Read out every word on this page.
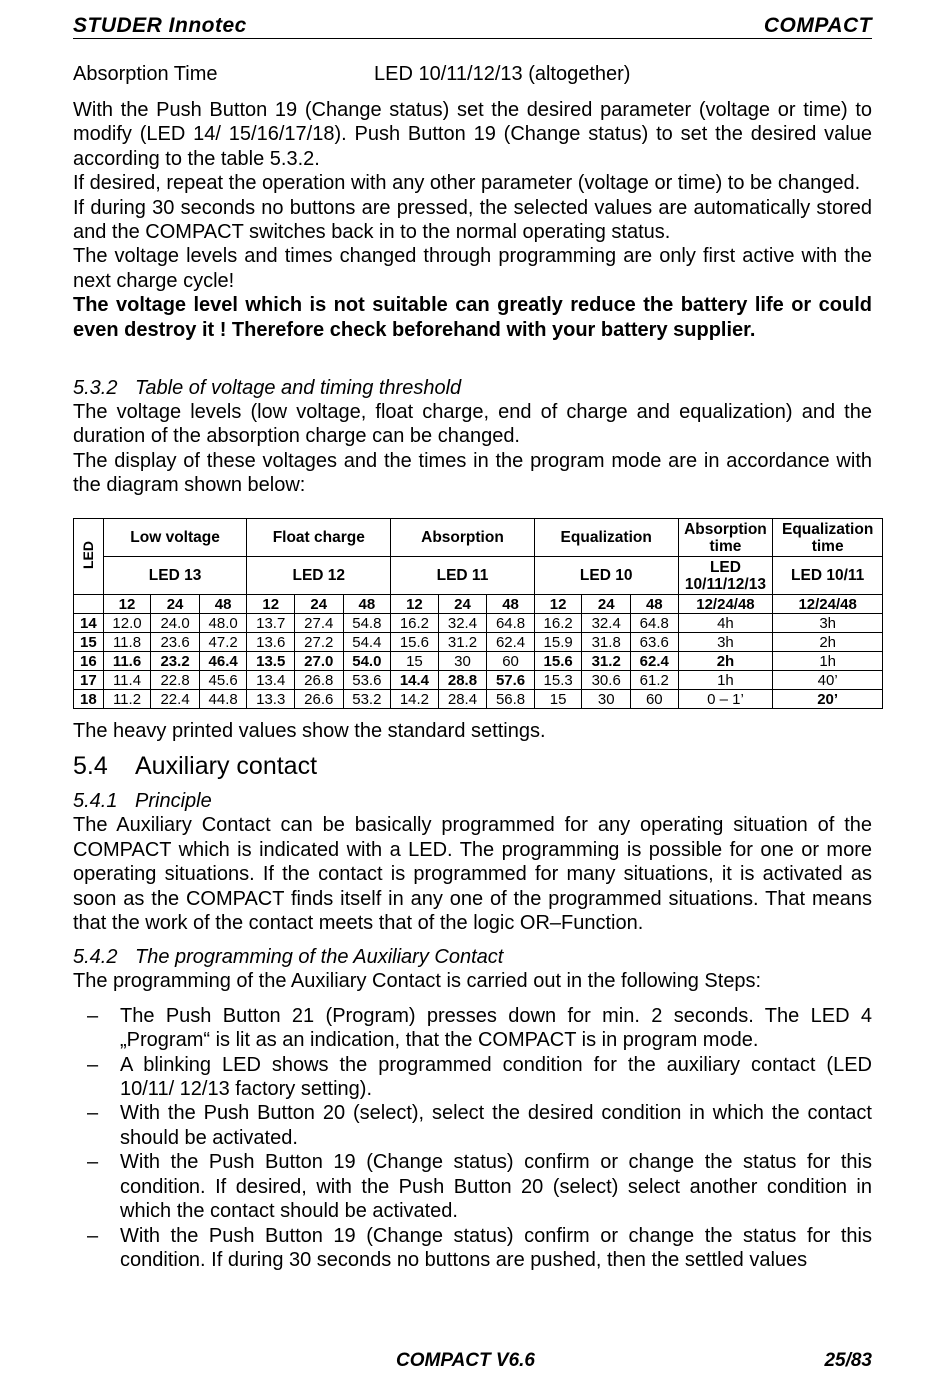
STUDER Innotec	COMPACT
Absorption Time	LED 10/11/12/13 (altogether)

With the Push Button 19 (Change status) set the desired parameter (voltage or time) to modify (LED 14/ 15/16/17/18). Push Button 19 (Change status) to set the desired value according to the table 5.3.2.

If desired, repeat the operation with any other parameter (voltage or time) to be changed.

If during 30 seconds no buttons are pressed, the selected values are automatically stored and the COMPACT switches back in to the normal operating status.

The voltage levels and times changed through programming are only first active with the next charge cycle!

The voltage level which is not suitable can greatly reduce the battery life or could even destroy it ! Therefore check beforehand with your battery supplier.

5.3.2 Table of voltage and timing threshold

The voltage levels (low voltage, float charge, end of charge and equalization) and the duration of the absorption charge can be changed.

The display of these voltages and the times in the program mode are in accordance with the diagram shown below:

LED	Low voltage			Float charge			Absorption			Equalization			Absorption time	Equalization time
	LED 13			LED 12			LED 11			LED 10			LED 10/11/12/13	LED 10/11
	12	24	48	12	24	48	12	24	48	12	24	48	12/24/48	12/24/48
14	12.0	24.0	48.0	13.7	27.4	54.8	16.2	32.4	64.8	16.2	32.4	64.8	4h	3h
15	11.8	23.6	47.2	13.6	27.2	54.4	15.6	31.2	62.4	15.9	31.8	63.6	3h	2h
16	11.6	23.2	46.4	13.5	27.0	54.0	15	30	60	15.6	31.2	62.4	2h	1h
17	11.4	22.8	45.6	13.4	26.8	53.6	14.4	28.8	57.6	15.3	30.6	61.2	1h	40’
18	11.2	22.4	44.8	13.3	26.6	53.2	14.2	28.4	56.8	15	30	60	0 – 1’	20’

The heavy printed values show the standard settings.

5.4 Auxiliary contact

5.4.1 Principle

The Auxiliary Contact can be basically programmed for any operating situation of the COMPACT which is indicated with a LED. The programming is possible for one or more operating situations. If the contact is programmed for many situations, it is activated as soon as the COMPACT finds itself in any one of the programmed situations. That means that the work of the contact meets that of the logic OR–Function.

5.4.2 The programming of the Auxiliary Contact

The programming of the Auxiliary Contact is carried out in the following Steps:

– The Push Button 21 (Program) presses down for min. 2 seconds. The LED 4 „Program“ is lit as an indication, that the COMPACT is in program mode.
– A blinking LED shows the programmed condition for the auxiliary contact (LED 10/11/ 12/13 factory setting).
– With the Push Button 20 (select), select the desired condition in which the contact should be activated.
– With the Push Button 19 (Change status) confirm or change the status for this condition. If desired, with the Push Button 20 (select) select another condition in which the contact should be activated.
– With the Push Button 19 (Change status) confirm or change the status for this condition. If during 30 seconds no buttons are pushed, then the settled values
COMPACT V6.6	25/83
